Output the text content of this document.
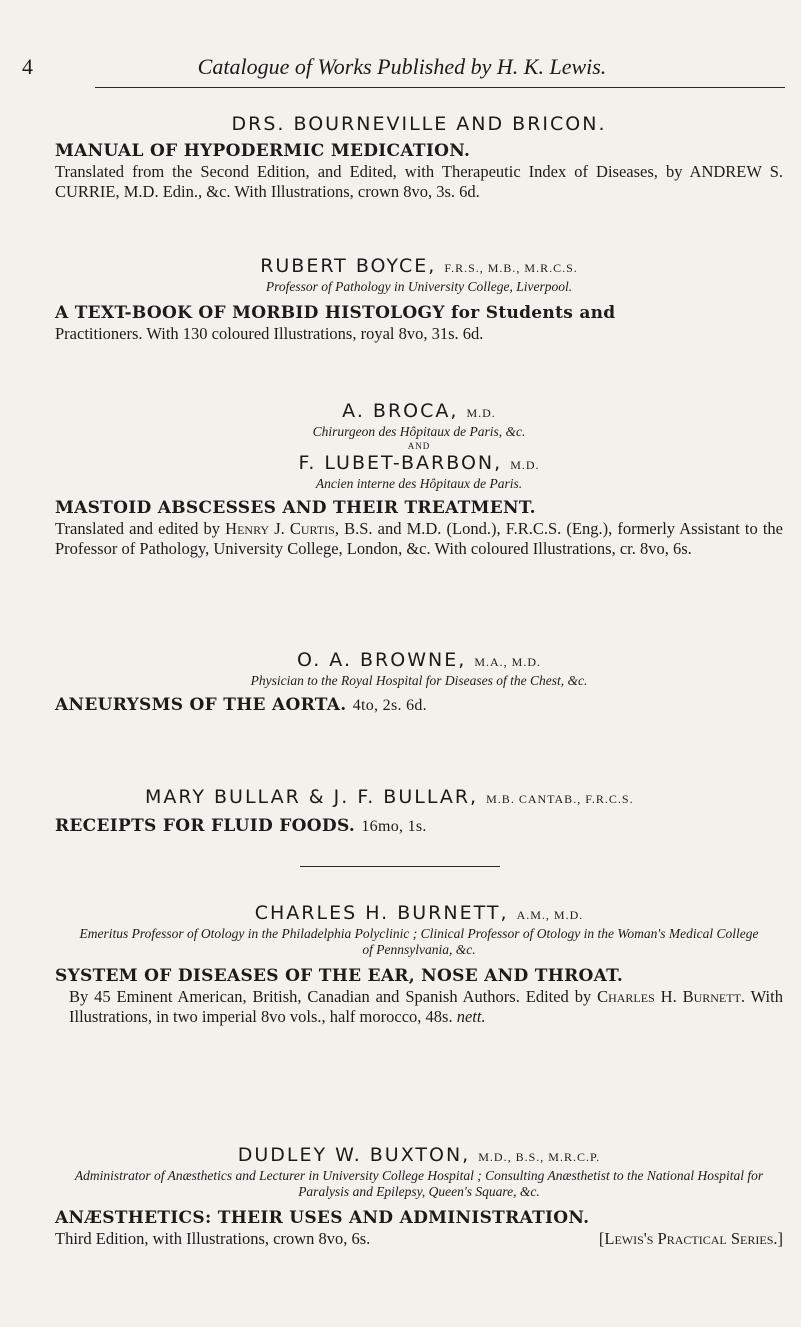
4	Catalogue of Works Published by H. K. Lewis.
DRS. BOURNEVILLE AND BRICON.
MANUAL OF HYPODERMIC MEDICATION.
Translated from the Second Edition, and Edited, with Therapeutic Index of Diseases, by ANDREW S. CURRIE, M.D. Edin., &c. With Illustrations, crown 8vo, 3s. 6d.
RUBERT BOYCE, F.R.S., M.B., M.R.C.S.
Professor of Pathology in University College, Liverpool.
A TEXT-BOOK OF MORBID HISTOLOGY for Students and
Practitioners. With 130 coloured Illustrations, royal 8vo, 31s. 6d.
A. BROCA, M.D.
Chirurgeon des Hôpitaux de Paris, &c.
AND
F. LUBET-BARBON, M.D.
Ancien interne des Hôpitaux de Paris.
MASTOID ABSCESSES AND THEIR TREATMENT.
Translated and edited by Henry J. Curtis, B.S. and M.D. (Lond.), F.R.C.S. (Eng.), formerly Assistant to the Professor of Pathology, University College, London, &c. With coloured Illustrations, cr. 8vo, 6s.
O. A. BROWNE, M.A., M.D.
Physician to the Royal Hospital for Diseases of the Chest, &c.
ANEURYSMS OF THE AORTA. 4to, 2s. 6d.
MARY BULLAR & J. F. BULLAR, M.B. CANTAB., F.R.C.S.
RECEIPTS FOR FLUID FOODS. 16mo, 1s.
CHARLES H. BURNETT, A.M., M.D.
Emeritus Professor of Otology in the Philadelphia Polyclinic ; Clinical Professor of Otology in the Woman's Medical College of Pennsylvania, &c.
SYSTEM OF DISEASES OF THE EAR, NOSE AND THROAT.
By 45 Eminent American, British, Canadian and Spanish Authors. Edited by Charles H. Burnett. With Illustrations, in two imperial 8vo vols., half morocco, 48s. nett.
DUDLEY W. BUXTON, M.D., B.S., M.R.C.P.
Administrator of Anæsthetics and Lecturer in University College Hospital ; Consulting Anæsthetist to the National Hospital for Paralysis and Epilepsy, Queen's Square, &c.
ANÆSTHETICS: THEIR USES AND ADMINISTRATION.
Third Edition, with Illustrations, crown 8vo, 6s.	[Lewis's Practical Series.]
